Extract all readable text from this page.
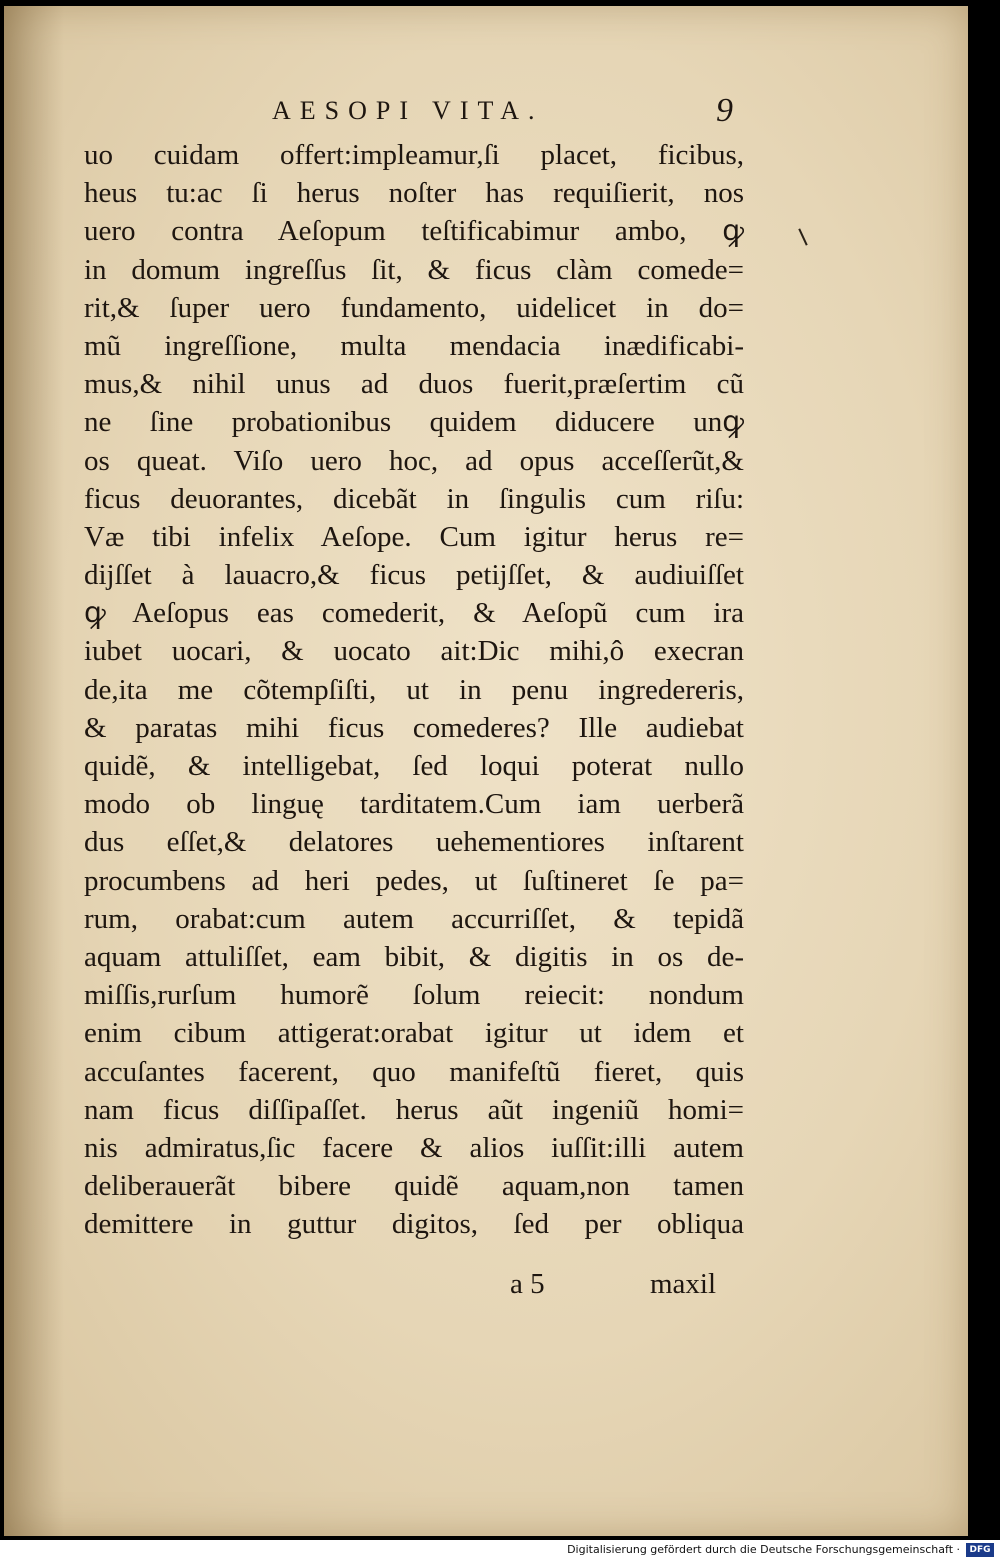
AESOPI VITA.	9
uo cuidam offert:impleamur,ſi placet, ficibus,
heus tu:ac ſi herus noſter has requiſierit, nos
uero contra Aeſopum teſtificabimur ambo, ꝙ
in domum ingreſſus ſit, & ficus clàm comede=
rit,& ſuper uero fundamento, uidelicet in do=
mũ ingreſſione, multa mendacia inædificabi-
mus,& nihil unus ad duos fuerit,præſertim cũ
ne ſine probationibus quidem diducere unꝙ
os queat. Viſo uero hoc, ad opus acceſſerũt,&
ficus deuorantes, dicebãt in ſingulis cum riſu:
Væ tibi infelix Aeſope. Cum igitur herus re=
dijſſet à lauacro,& ficus petijſſet, & audiuiſſet
ꝙ Aeſopus eas comederit, & Aeſopũ cum ira
iubet uocari, & uocato ait:Dic mihi,ô execran
de,ita me cõtempſiſti, ut in penu ingredereris,
& paratas mihi ficus comederes? Ille audiebat
quidẽ, & intelligebat, ſed loqui poterat nullo
modo ob linguę tarditatem.Cum iam uerberã
dus eſſet,& delatores uehementiores inſtarent
procumbens ad heri pedes, ut ſuſtineret ſe pa=
rum, orabat:cum autem accurriſſet, & tepidã
aquam attuliſſet, eam bibit, & digitis in os de-
miſſis,rurſum humorẽ ſolum reiecit: nondum
enim cibum attigerat:orabat igitur ut idem et
accuſantes facerent, quo manifeſtũ fieret, quis
nam ficus diſſipaſſet. herus aũt ingeniũ homi=
nis admiratus,ſic facere & alios iuſſit:illi autem
deliberauerãt bibere quidẽ aquam,non tamen
demittere in guttur digitos, ſed per obliqua
a 5	maxil
Digitalisierung gefördert durch die Deutsche Forschungsgemeinschaft ·	DFG
